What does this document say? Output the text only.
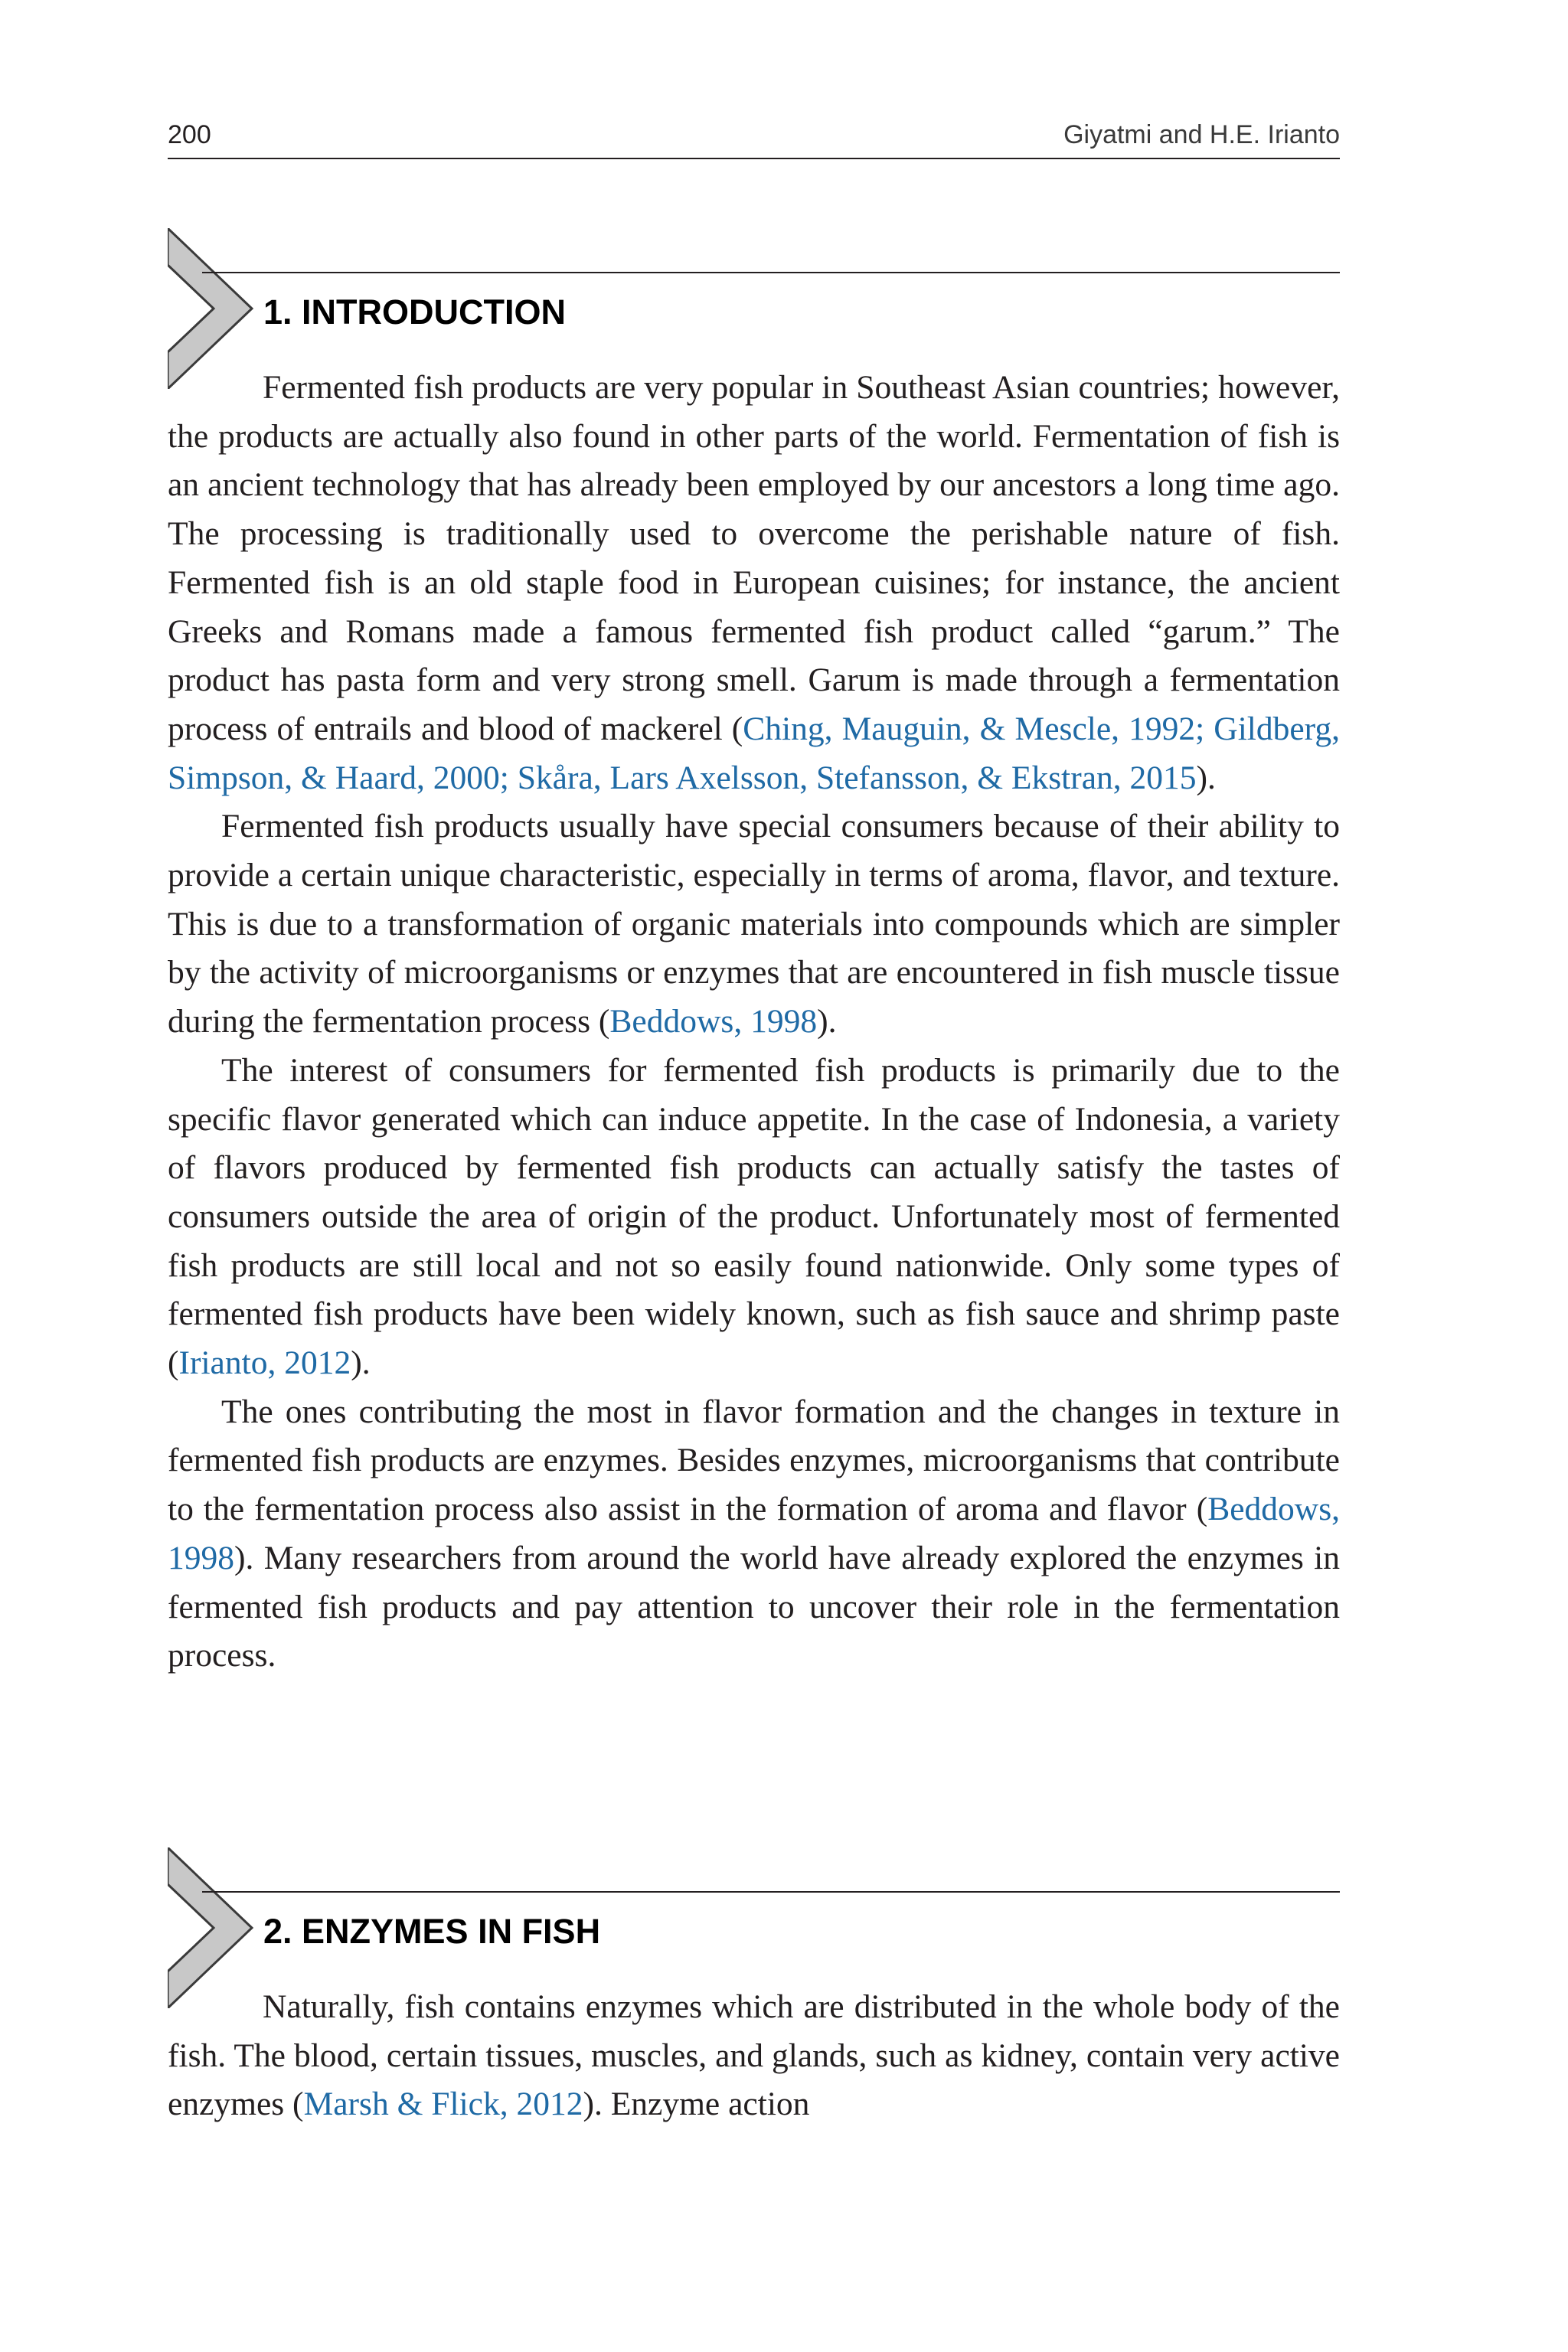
200	Giyatmi and H.E. Irianto
1. INTRODUCTION

Fermented fish products are very popular in Southeast Asian countries; however, the products are actually also found in other parts of the world. Fermentation of fish is an ancient technology that has already been employed by our ancestors a long time ago. The processing is traditionally used to overcome the perishable nature of fish. Fermented fish is an old staple food in European cuisines; for instance, the ancient Greeks and Romans made a famous fermented fish product called “garum.” The product has pasta form and very strong smell. Garum is made through a fermentation process of entrails and blood of mackerel (Ching, Mauguin, & Mescle, 1992; Gildberg, Simpson, & Haard, 2000; Skåra, Lars Axelsson, Stefansson, & Ekstran, 2015).

Fermented fish products usually have special consumers because of their ability to provide a certain unique characteristic, especially in terms of aroma, flavor, and texture. This is due to a transformation of organic materials into compounds which are simpler by the activity of microorganisms or enzymes that are encountered in fish muscle tissue during the fermentation process (Beddows, 1998).

The interest of consumers for fermented fish products is primarily due to the specific flavor generated which can induce appetite. In the case of Indonesia, a variety of flavors produced by fermented fish products can actually satisfy the tastes of consumers outside the area of origin of the product. Unfortunately most of fermented fish products are still local and not so easily found nationwide. Only some types of fermented fish products have been widely known, such as fish sauce and shrimp paste (Irianto, 2012).

The ones contributing the most in flavor formation and the changes in texture in fermented fish products are enzymes. Besides enzymes, microorganisms that contribute to the fermentation process also assist in the formation of aroma and flavor (Beddows, 1998). Many researchers from around the world have already explored the enzymes in fermented fish products and pay attention to uncover their role in the fermentation process.

2. ENZYMES IN FISH

Naturally, fish contains enzymes which are distributed in the whole body of the fish. The blood, certain tissues, muscles, and glands, such as kidney, contain very active enzymes (Marsh & Flick, 2012). Enzyme action
